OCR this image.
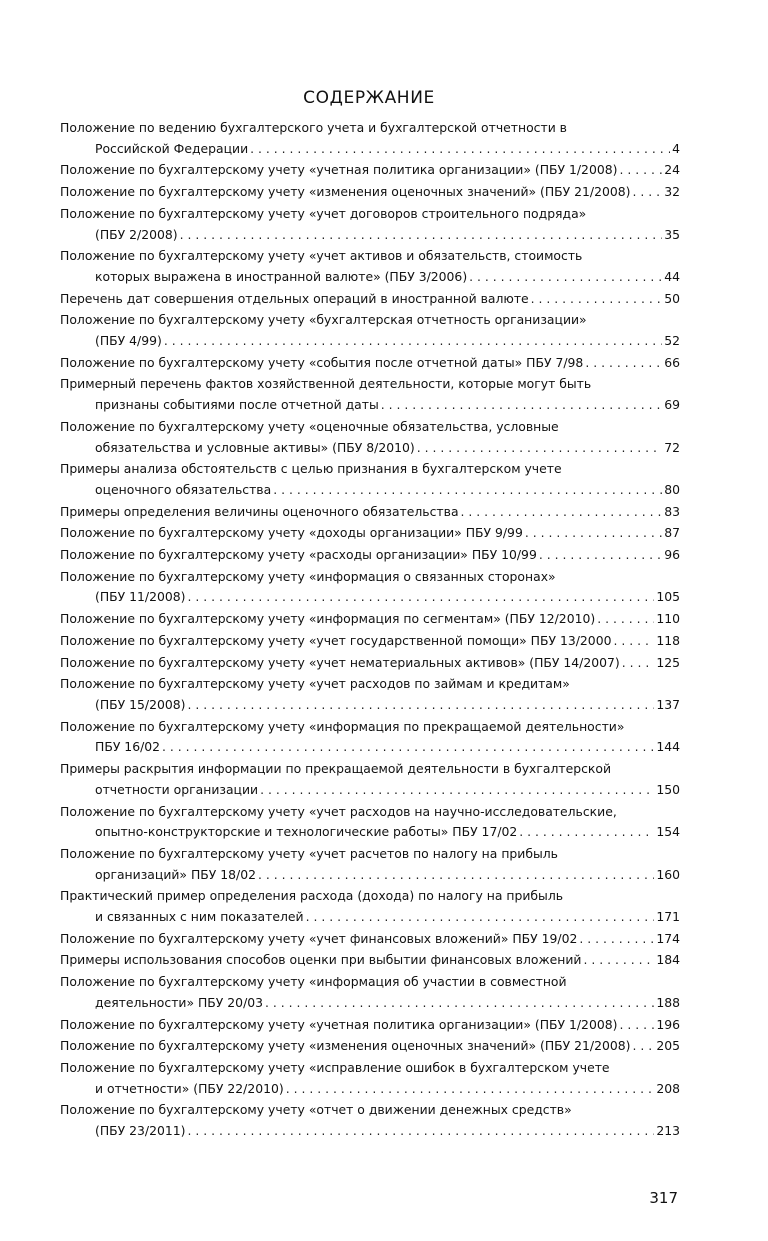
СОДЕРЖАНИЕ
Положение по ведению бухгалтерского учета и бухгалтерской отчетности в
Российской Федерации . . .	4
Положение по бухгалтерскому учету «учетная политика организации» (ПБУ 1/2008) . . .	24
Положение по бухгалтерскому учету «изменения оценочных значений» (ПБУ 21/2008) . . .	32
Положение по бухгалтерскому учету «учет договоров строительного подряда»
(ПБУ 2/2008) . . .	35
Положение по бухгалтерскому учету «учет активов и обязательств, стоимость
которых выражена в иностранной валюте» (ПБУ 3/2006) . . .	44
Перечень дат совершения отдельных операций в иностранной валюте . . .	50
Положение по бухгалтерскому учету «бухгалтерская отчетность организации»
(ПБУ 4/99) . . .	52
Положение по бухгалтерскому учету «события после отчетной даты» ПБУ 7/98 . . .	66
Примерный перечень фактов хозяйственной деятельности, которые могут быть
признаны событиями после отчетной даты . . .	69
Положение по бухгалтерскому учету «оценочные обязательства, условные
обязательства и условные активы» (ПБУ 8/2010) . . .	72
Примеры анализа обстоятельств с целью признания в бухгалтерском учете
оценочного обязательства . . .	80
Примеры определения величины оценочного обязательства . . .	83
Положение по бухгалтерскому учету «доходы организации» ПБУ 9/99 . . .	87
Положение по бухгалтерскому учету «расходы организации» ПБУ 10/99 . . .	96
Положение по бухгалтерскому учету «информация о связанных сторонах»
(ПБУ 11/2008) . . .	105
Положение по бухгалтерскому учету «информация по сегментам» (ПБУ 12/2010) . . .	110
Положение по бухгалтерскому учету «учет государственной помощи» ПБУ 13/2000 . . .	118
Положение по бухгалтерскому учету «учет нематериальных активов» (ПБУ 14/2007) . . .	125
Положение по бухгалтерскому учету «учет расходов по займам и кредитам»
(ПБУ 15/2008) . . .	137
Положение по бухгалтерскому учету «информация по прекращаемой деятельности»
ПБУ 16/02 . . .	144
Примеры раскрытия информации по прекращаемой деятельности в бухгалтерской
отчетности организации . . .	150
Положение по бухгалтерскому учету «учет расходов на научно-исследовательские,
опытно-конструкторские и технологические работы» ПБУ 17/02 . . .	154
Положение по бухгалтерскому учету «учет расчетов по налогу на прибыль
организаций» ПБУ 18/02 . . .	160
Практический пример определения расхода (дохода) по налогу на прибыль
и связанных с ним показателей . . .	171
Положение по бухгалтерскому учету «учет финансовых вложений» ПБУ 19/02 . . .	174
Примеры использования способов оценки при выбытии финансовых вложений . . .	184
Положение по бухгалтерскому учету «информация об участии в совместной
деятельности» ПБУ 20/03 . . .	188
Положение по бухгалтерскому учету «учетная политика организации» (ПБУ 1/2008) . . .	196
Положение по бухгалтерскому учету «изменения оценочных значений» (ПБУ 21/2008) . . . 205
Положение по бухгалтерскому учету «исправление ошибок в бухгалтерском учете
и отчетности» (ПБУ 22/2010) . . .	208
Положение по бухгалтерскому учету «отчет о движении денежных средств»
(ПБУ 23/2011) . . .	213

317
